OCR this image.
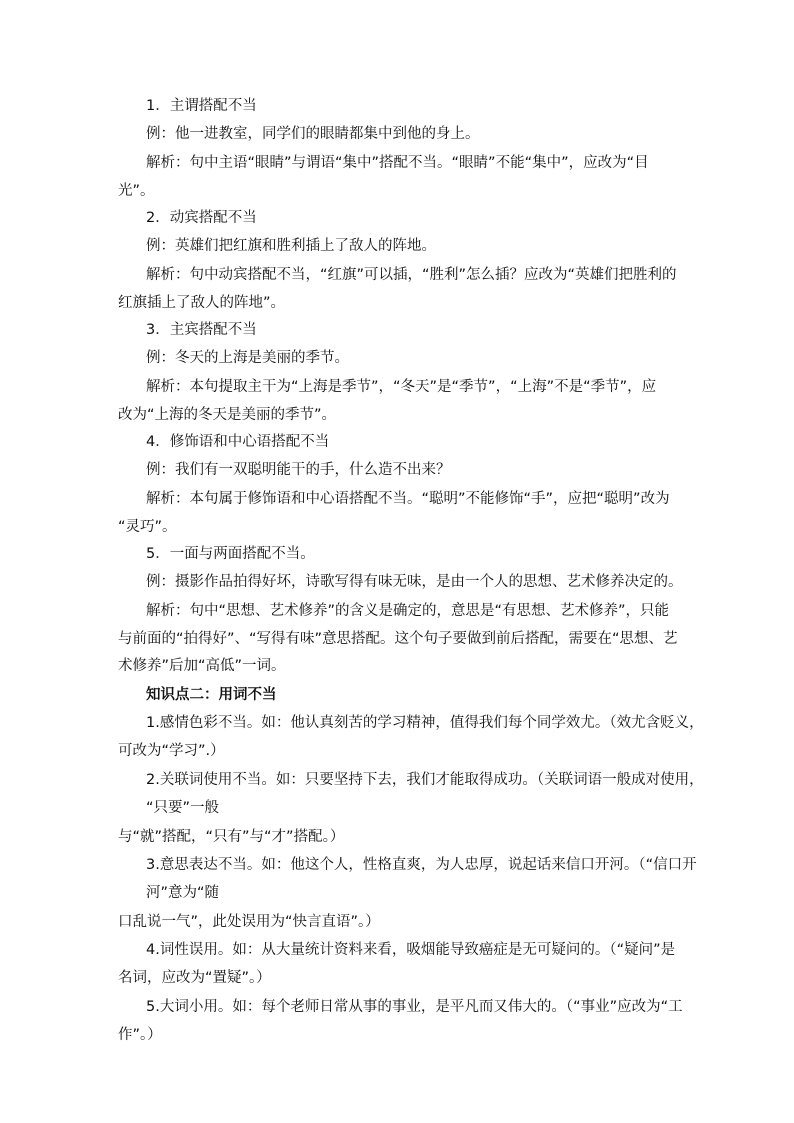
1．主谓搭配不当
例：他一进教室，同学们的眼睛都集中到他的身上。
解析：句中主语“眼睛”与谓语“集中”搭配不当。“眼睛”不能“集中”，应改为“目
光”。
2．动宾搭配不当
例：英雄们把红旗和胜利插上了敌人的阵地。
解析：句中动宾搭配不当，“红旗”可以插，“胜利”怎么插？应改为“英雄们把胜利的
红旗插上了敌人的阵地”。
3．主宾搭配不当
例：冬天的上海是美丽的季节。
解析：本句提取主干为“上海是季节”，“冬天”是“季节”，“上海”不是“季节”，应
改为“上海的冬天是美丽的季节”。
4．修饰语和中心语搭配不当
例：我们有一双聪明能干的手，什么造不出来？
解析：本句属于修饰语和中心语搭配不当。“聪明”不能修饰“手”，应把“聪明”改为
“灵巧”。
5．一面与两面搭配不当。
例：摄影作品拍得好坏，诗歌写得有味无味，是由一个人的思想、艺术修养决定的。
解析：句中“思想、艺术修养”的含义是确定的，意思是“有思想、艺术修养”，只能
与前面的“拍得好”、“写得有味”意思搭配。这个句子要做到前后搭配，需要在“思想、艺
术修养”后加“高低”一词。
知识点二：用词不当
1.感情色彩不当。如：他认真刻苦的学习精神，值得我们每个同学效尤。（效尤含贬义，
可改为“学习”.）
2.关联词使用不当。如：只要坚持下去，我们才能取得成功。（关联词语一般成对使用，
“只要”一般
与“就”搭配，“只有”与“才”搭配。）
3.意思表达不当。如：他这个人，性格直爽，为人忠厚，说起话来信口开河。（“信口开
河”意为“随
口乱说一气”，此处误用为“快言直语”。）
4.词性误用。如：从大量统计资料来看，吸烟能导致癌症是无可疑问的。（“疑问”是
名词，应改为“置疑”。）
5.大词小用。如：每个老师日常从事的事业，是平凡而又伟大的。（“事业”应改为“工
作”。）
